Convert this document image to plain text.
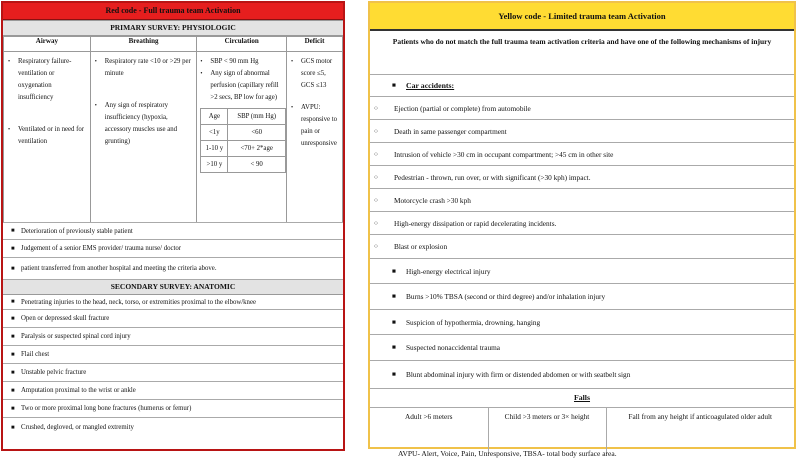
Red code - Full trauma team Activation
PRIMARY SURVEY: PHYSIOLOGIC
Airway	Breathing	Circulation	Deficit

•	Respiratory failure-ventilation or oxygenation insufficiency
•	Ventilated or in need for ventilation

•	Respiratory rate <10 or >29 per minute
•	Any sign of respiratory insufficiency (hypoxia, accessory muscles use and grunting)

•	SBP < 90 mm Hg
•	Any sign of abnormal perfusion (capillary refill >2 secs, BP low for age)
Age	SBP (mm Hg)
<1y	<60
1-10 y	<70+ 2*age
>10 y	< 90

•	GCS motor score ≤5, GCS ≤13
•	AVPU: responsive to pain or unresponsive
■ Deterioration of previously stable patient
■ Judgement of a senior EMS provider/ trauma nurse/ doctor
■ patient transferred from another hospital and meeting the criteria above.
SECONDARY SURVEY: ANATOMIC
■ Penetrating injuries to the head, neck, torso, or extremities proximal to the elbow/knee
■ Open or depressed skull fracture
■ Paralysis or suspected spinal cord injury
■ Flail chest
■ Unstable pelvic fracture
■ Amputation proximal to the wrist or ankle
■ Two or more proximal long bone fractures (humerus or femur)
■ Crushed, degloved, or mangled extremity
Yellow code - Limited trauma team Activation
Patients who do not match the full trauma team activation criteria and have one of the following mechanisms of injury
■	Car accidents:
○	Ejection (partial or complete) from automobile
○	Death in same passenger compartment
○	Intrusion of vehicle >30 cm in occupant compartment; >45 cm in other site
○	Pedestrian - thrown, run over, or with significant (>30 kph) impact.
○	Motorcycle crash >30 kph
○	High-energy dissipation or rapid decelerating incidents.
○	Blast or explosion
■	High-energy electrical injury
■	Burns >10% TBSA (second or third degree) and/or inhalation injury
■	Suspicion of hypothermia, drowning, hanging
■	Suspected nonaccidental trauma
■	Blunt abdominal injury with firm or distended abdomen or with seatbelt sign
Falls
Adult >6 meters	Child >3 meters or 3× height	Fall from any height if anticoagulated older adult
AVPU- Alert, Voice, Pain, Unresponsive, TBSA- total body surface area.
